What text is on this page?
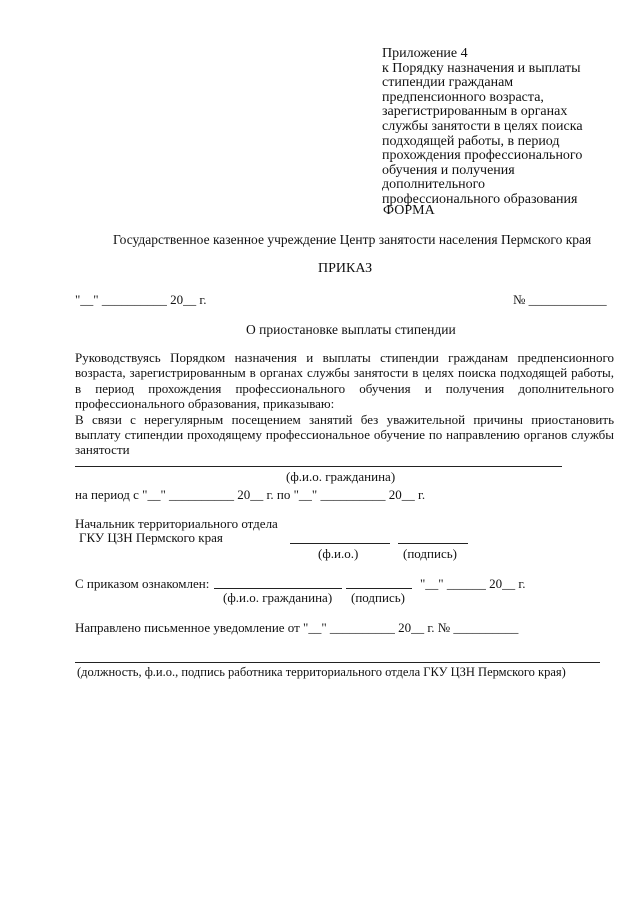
Приложение 4
к Порядку назначения и выплаты
стипендии гражданам
предпенсионного возраста,
зарегистрированным в органах
службы занятости в целях поиска
подходящей работы, в период
прохождения профессионального
обучения и получения
дополнительного
профессионального образования
ФОРМА
Государственное казенное учреждение Центр занятости населения Пермского края
ПРИКАЗ
"__" __________ 20__ г.	№ ____________
О приостановке выплаты стипендии

Руководствуясь Порядком назначения и выплаты стипендии гражданам предпенсионного возраста, зарегистрированным в органах службы занятости в целях поиска подходящей работы, в период прохождения профессионального обучения и получения дополнительного профессионального образования, приказываю:

В связи с нерегулярным посещением занятий без уважительной причины приостановить выплату стипендии проходящему профессиональное обучение по направлению органов службы занятости

(ф.и.о. гражданина)
на период с "__" __________ 20__ г. по "__" __________ 20__ г.
Начальник территориального отдела
ГКУ ЦЗН Пермского края
(ф.и.о.)	(подпись)
С приказом ознакомлен:	"__" ______ 20__ г.
(ф.и.о. гражданина) (подпись)
Направлено письменное уведомление от "__" __________ 20__ г. № __________
(должность, ф.и.о., подпись работника территориального отдела ГКУ ЦЗН Пермского края)
